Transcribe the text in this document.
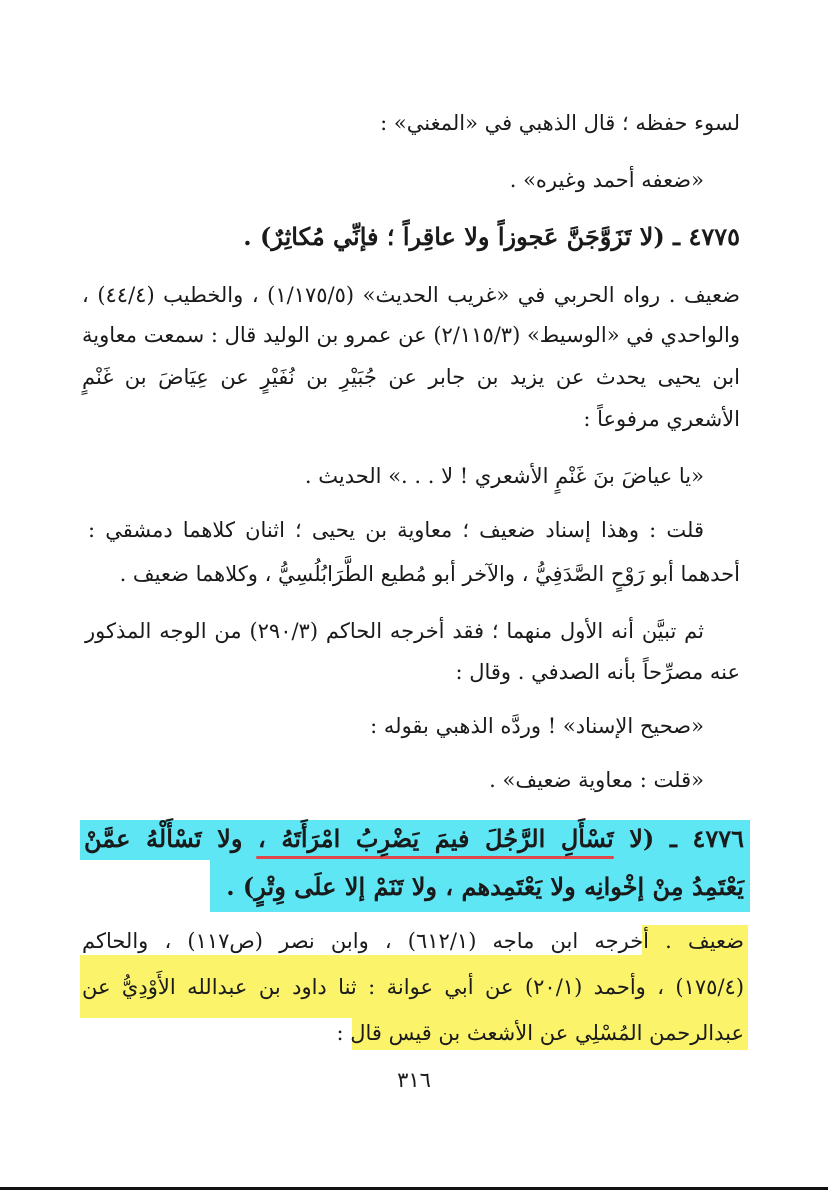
لسوء حفظه ؛ قال الذهبي في «المغني» :
«ضعفه أحمد وغيره» .
٤٧٧٥ ـ (لا تَزَوَّجَنَّ عَجوزاً ولا عاقِراً ؛ فإنِّي مُكاثِرٌ) .
ضعيف . رواه الحربي في «غريب الحديث» (١/١٧٥/٥) ، والخطيب (٤٤/٤) ،
والواحدي في «الوسيط» (٢/١١٥/٣) عن عمرو بن الوليد قال : سمعت معاوية
ابن يحيى يحدث عن يزيد بن جابر عن جُبَيْرِ بن نُفَيْرٍ عن عِيَاضَ بن غَنْمٍ
الأشعري مرفوعاً :
«يا عياضَ بنَ غَنْمٍ الأشعري ! لا . . .» الحديث .
قلت : وهذا إسناد ضعيف ؛ معاوية بن يحيى ؛ اثنان كلاهما دمشقي :
أحدهما أبو رَوْحٍ الصَّدَفِيُّ ، والآخر أبو مُطيع الطَّرَابُلُسِيُّ ، وكلاهما ضعيف .
ثم تبيَّن أنه الأول منهما ؛ فقد أخرجه الحاكم (٢٩٠/٣) من الوجه المذكور
عنه مصرِّحاً بأنه الصدفي . وقال :
«صحيح الإسناد» ! وردَّه الذهبي بقوله :
«قلت : معاوية ضعيف» .
٤٧٧٦ ـ (لا تَسْأَلِ الرَّجُلَ فيمَ يَضْرِبُ امْرَأَتَهُ ، ولا تَسْأَلْهُ عمَّنْ
يَعْتَمِدُ مِنْ إخْوانِه ولا يَعْتَمِدهم ، ولا تَنَمْ إلا علَى وِتْرٍ) .
ضعيف . أخرجه ابن ماجه (٦١٢/١) ، وابن نصر (ص١١٧) ، والحاكم
(١٧٥/٤) ، وأحمد (٢٠/١) عن أبي عوانة : ثنا داود بن عبدالله الأَوْدِيُّ عن
عبدالرحمن المُسْلِي عن الأشعث بن قيس قال :
٣١٦
